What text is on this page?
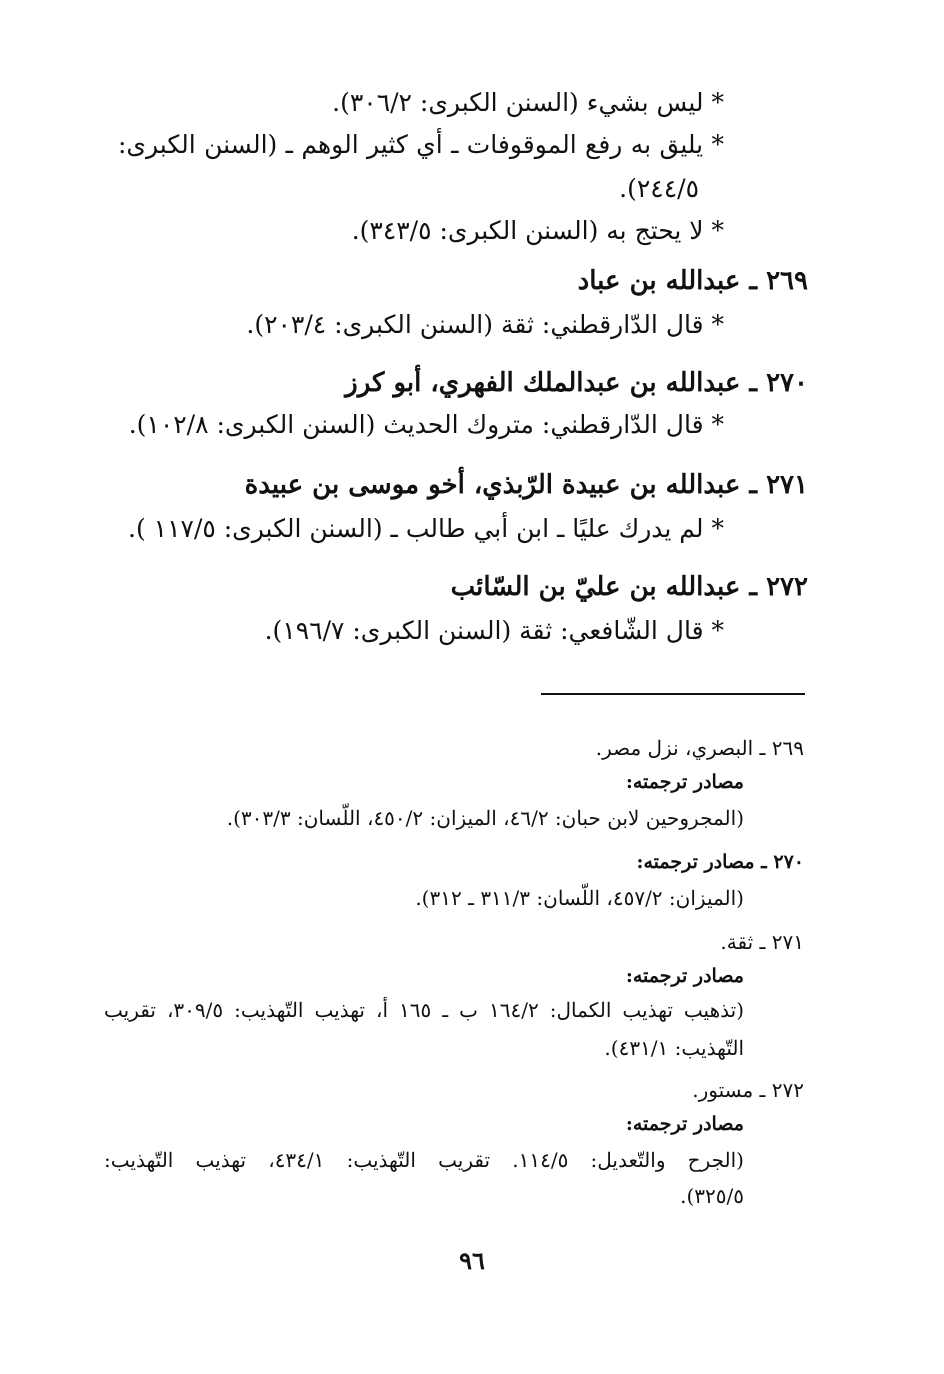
* ليس بشيء (السنن الكبرى: ٣٠٦/٢).
* يليق به رفع الموقوفات ـ أي كثير الوهم ـ (السنن الكبرى:
٢٤٤/٥).
* لا يحتج به (السنن الكبرى: ٣٤٣/٥).
٢٦٩ ـ عبدالله بن عباد
* قال الدّارقطني: ثقة (السنن الكبرى: ٢٠٣/٤).
٢٧٠ ـ عبدالله بن عبدالملك الفهري، أبو كرز
* قال الدّارقطني: متروك الحديث (السنن الكبرى: ١٠٢/٨).
٢٧١ ـ عبدالله بن عبيدة الرّبذي، أخو موسى بن عبيدة
* لم يدرك عليًا ـ ابن أبي طالب ـ (السنن الكبرى: ١١٧/٥ ).
٢٧٢ ـ عبدالله بن عليّ بن السّائب
* قال الشّافعي: ثقة (السنن الكبرى: ١٩٦/٧).
٢٦٩ ـ البصري، نزل مصر.
مصادر ترجمته:
(المجروحين لابن حبان: ٤٦/٢، الميزان: ٤٥٠/٢، اللّسان: ٣٠٣/٣).
٢٧٠ ـ مصادر ترجمته:
(الميزان: ٤٥٧/٢، اللّسان: ٣١١/٣ ـ ٣١٢).
٢٧١ ـ ثقة.
مصادر ترجمته:
(تذهيب تهذيب الكمال: ١٦٤/٢ ب ـ ١٦٥ أ، تهذيب التّهذيب: ٣٠٩/٥، تقريب
التّهذيب: ٤٣١/١).
٢٧٢ ـ مستور.
مصادر ترجمته:
(الجرح والتّعديل: ١١٤/٥. تقريب التّهذيب: ٤٣٤/١، تهذيب التّهذيب:
٣٢٥/٥).
٩٦
